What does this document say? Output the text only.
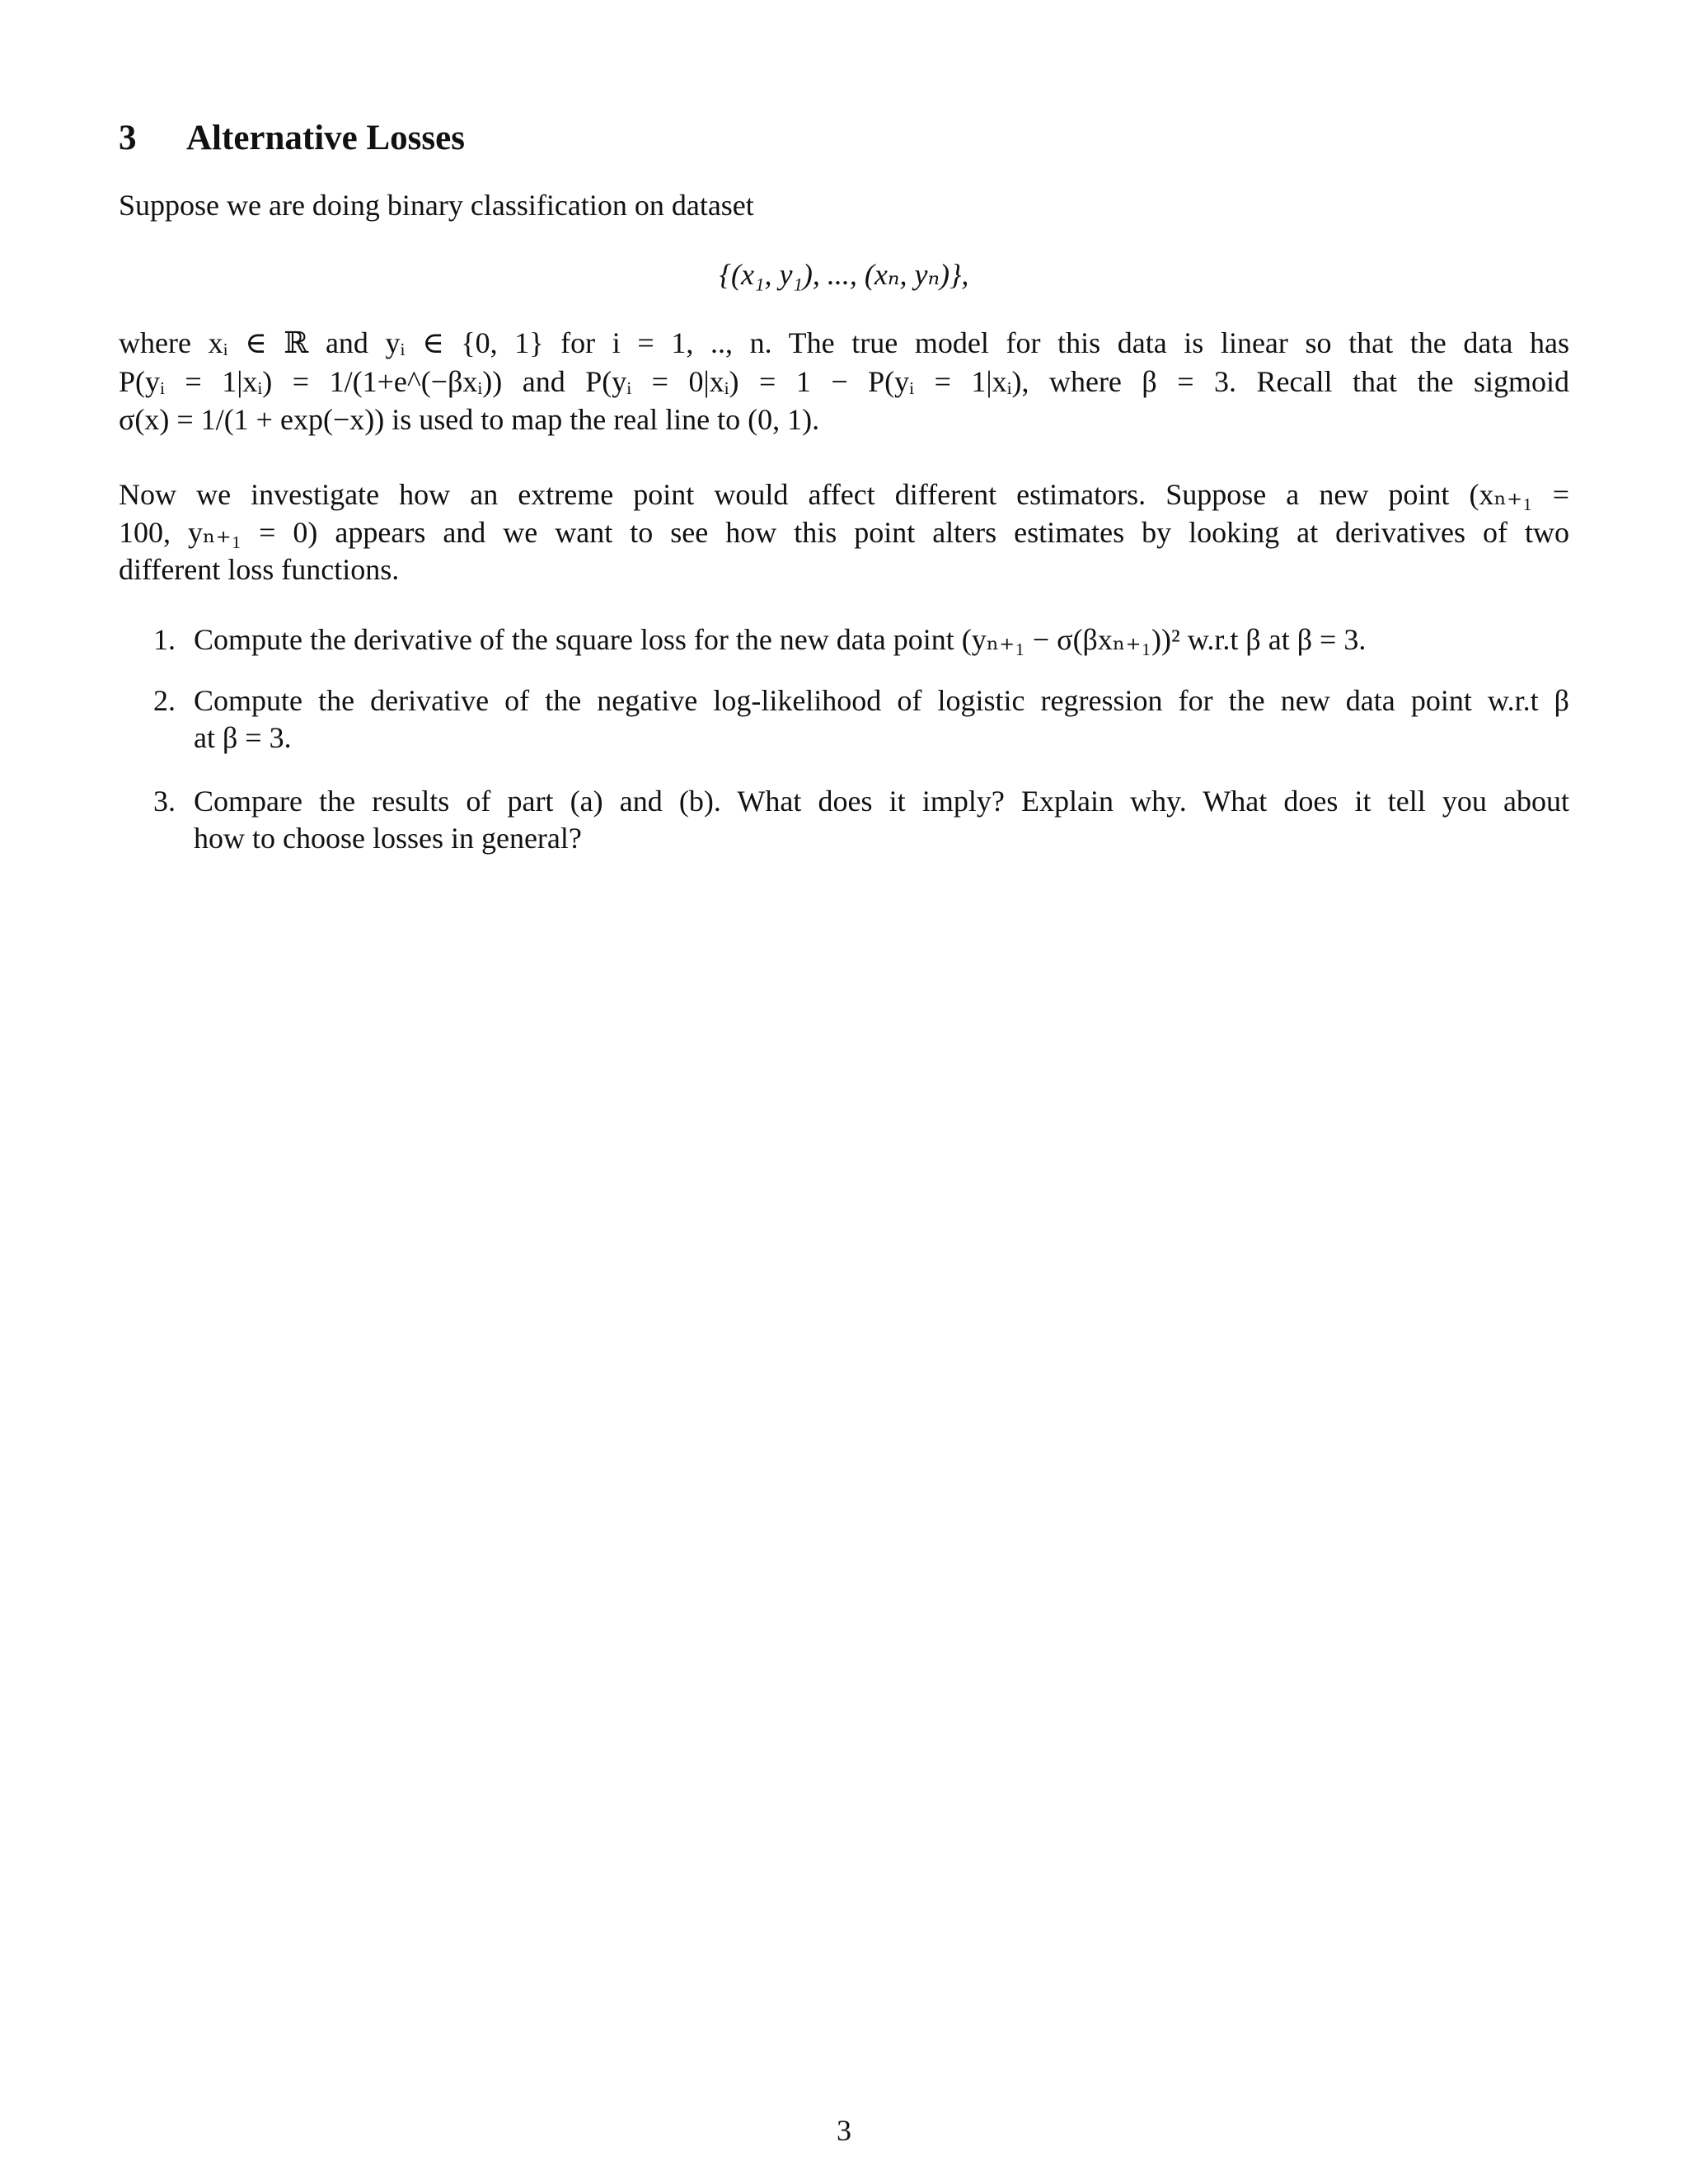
3 Alternative Losses
Suppose we are doing binary classification on dataset
{(x₁, y₁), ..., (xₙ, yₙ)},
where xᵢ ∈ ℝ and yᵢ ∈ {0, 1} for i = 1, .., n. The true model for this data is linear so that the data has
P(yᵢ = 1|xᵢ) = 1/(1+e^(−βxᵢ)) and P(yᵢ = 0|xᵢ) = 1 − P(yᵢ = 1|xᵢ), where β = 3. Recall that the sigmoid
σ(x) = 1/(1 + exp(−x)) is used to map the real line to (0, 1).
Now we investigate how an extreme point would affect different estimators. Suppose a new point (xₙ₊₁ =
100, yₙ₊₁ = 0) appears and we want to see how this point alters estimates by looking at derivatives of two
different loss functions.
1. Compute the derivative of the square loss for the new data point (yₙ₊₁ − σ(βxₙ₊₁))² w.r.t β at β = 3.
2. Compute the derivative of the negative log-likelihood of logistic regression for the new data point w.r.t β
at β = 3.
3. Compare the results of part (a) and (b). What does it imply? Explain why. What does it tell you about
how to choose losses in general?
3
